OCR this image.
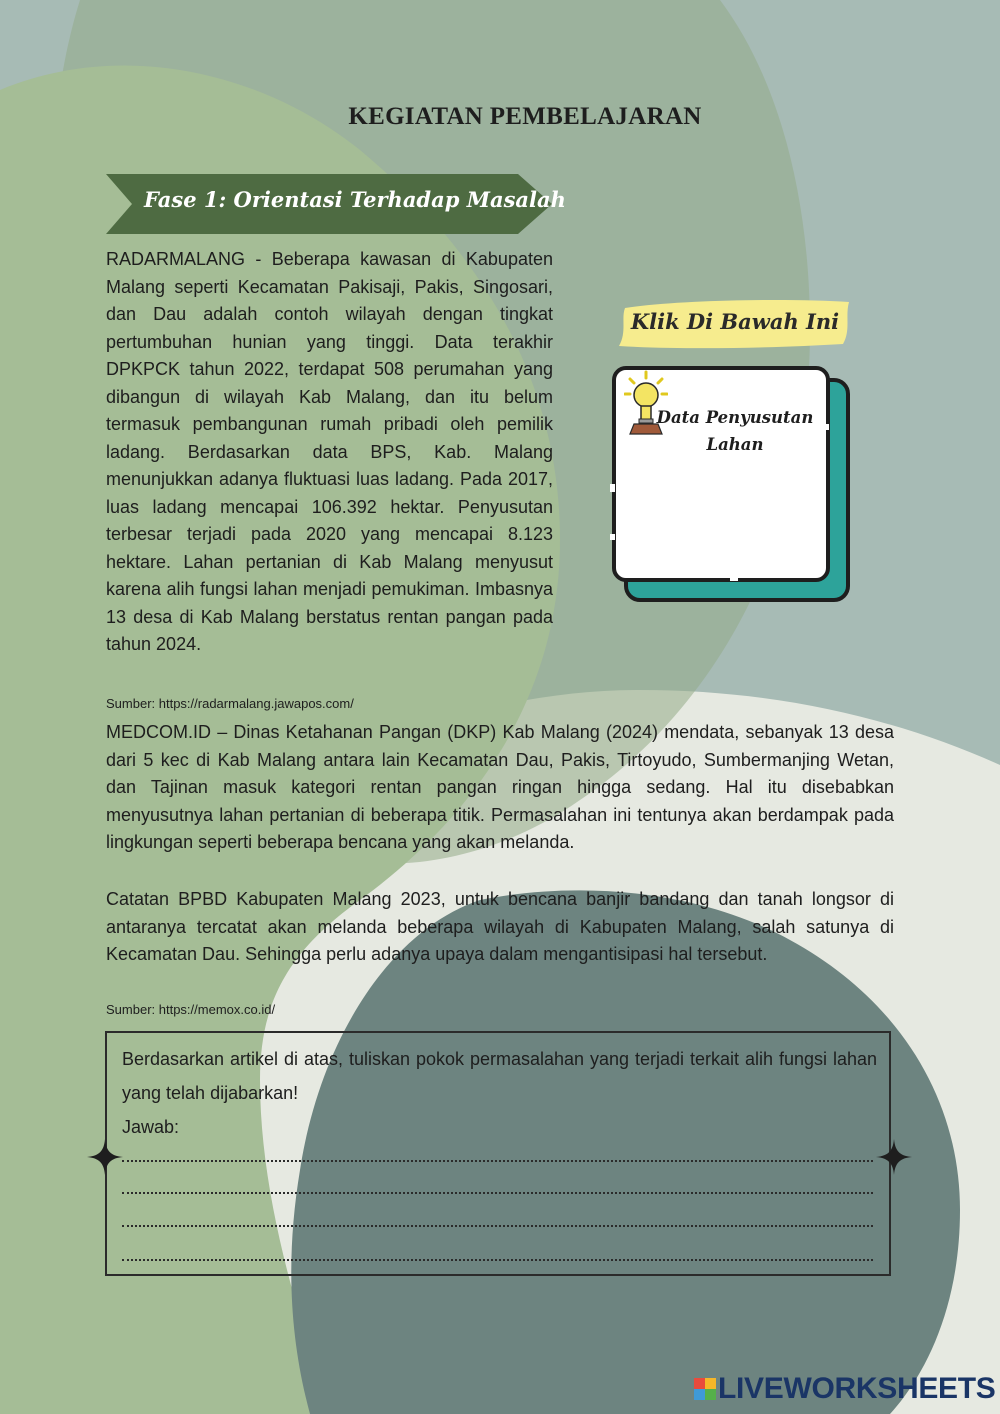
KEGIATAN PEMBELAJARAN
Fase 1: Orientasi Terhadap Masalah

RADARMALANG - Beberapa kawasan di Kabupaten Malang seperti Kecamatan Pakisaji, Pakis, Singosari, dan Dau adalah contoh wilayah dengan tingkat pertumbuhan hunian yang tinggi. Data terakhir DPKPCK tahun 2022, terdapat 508 perumahan yang dibangun di wilayah Kab Malang, dan itu belum termasuk pembangunan rumah pribadi oleh pemilik ladang. Berdasarkan data BPS, Kab. Malang menunjukkan adanya fluktuasi luas ladang. Pada 2017, luas ladang mencapai 106.392 hektar. Penyusutan terbesar terjadi pada 2020 yang mencapai 8.123 hektare. Lahan pertanian di Kab Malang menyusut karena alih fungsi lahan menjadi pemukiman. Imbasnya 13 desa di Kab Malang berstatus rentan pangan pada tahun 2024.

Sumber: https://radarmalang.jawapos.com/
Klik Di Bawah Ini
Data Penyusutan Lahan

MEDCOM.ID – Dinas Ketahanan Pangan (DKP) Kab Malang (2024) mendata, sebanyak 13 desa dari 5 kec di Kab Malang antara lain Kecamatan Dau, Pakis, Tirtoyudo, Sumbermanjing Wetan, dan Tajinan masuk kategori rentan pangan ringan hingga sedang. Hal itu disebabkan menyusutnya lahan pertanian di beberapa titik. Permasalahan ini tentunya akan berdampak pada lingkungan seperti beberapa bencana yang akan melanda.

Catatan BPBD Kabupaten Malang 2023, untuk bencana banjir bandang dan tanah longsor di antaranya tercatat akan melanda beberapa wilayah di Kabupaten Malang, salah satunya di Kecamatan Dau. Sehingga perlu adanya upaya dalam mengantisipasi hal tersebut.

Sumber: https://memox.co.id/
Berdasarkan artikel di atas, tuliskan pokok permasalahan yang terjadi terkait alih fungsi lahan yang telah dijabarkan!
Jawab:
LIVEWORKSHEETS
